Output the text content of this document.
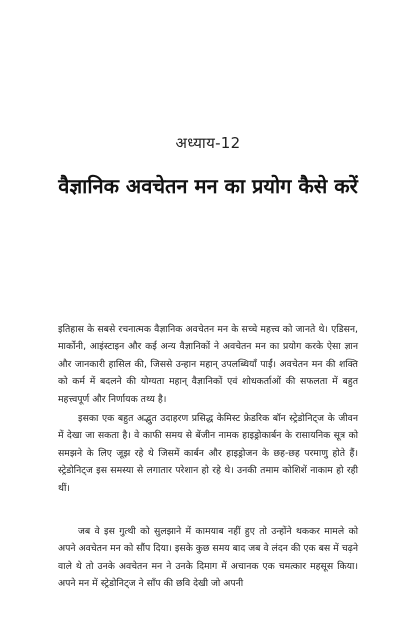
अध्याय-12
वैज्ञानिक अवचेतन मन का प्रयोग कैसे करें
इतिहास के सबसे रचनात्मक वैज्ञानिक अवचेतन मन के सच्चे महत्त्व को जानते थे। एडिसन, मार्कोनी, आइंस्टाइन और कई अन्य वैज्ञानिकों ने अवचेतन मन का प्रयोग करके ऐसा ज्ञान और जानकारी हासिल की, जिससे उन्हान महान् उपलब्धियाँ पाईं। अवचेतन मन की शक्ति को कर्म में बदलने की योग्यता महान् वैज्ञानिकों एवं शोधकर्ताओं की सफलता में बहुत महत्त्वपूर्ण और निर्णायक तथ्य है।
इसका एक बहुत अद्भुत उदाहरण प्रसिद्ध केमिस्ट फ्रेडरिक बॉन स्ट्रेडोनिट्ज के जीवन में देखा जा सकता है। वे काफी समय से बेंजीन नामक हाइड्रोकार्बन के रासायनिक सूत्र को समझने के लिए जूझ रहे थे जिसमें कार्बन और हाइड्रोजन के छह-छह परमाणु होते हैं। स्ट्रेडोनिट्ज इस समस्या से लगातार परेशान हो रहे थे। उनकी तमाम कोशिशें नाकाम हो रही थीं।
जब वे इस गुत्थी को सुलझाने में कामयाब नहीं हुए तो उन्होंने थककर मामले को अपने अवचेतन मन को सौंप दिया। इसके कुछ समय बाद जब वे लंदन की एक बस में चढ़ने वाले थे तो उनके अवचेतन मन ने उनके दिमाग में अचानक एक चमत्कार महसूस किया। अपने मन में स्ट्रेडोनिट्ज ने साँप की छवि देखी जो अपनी
